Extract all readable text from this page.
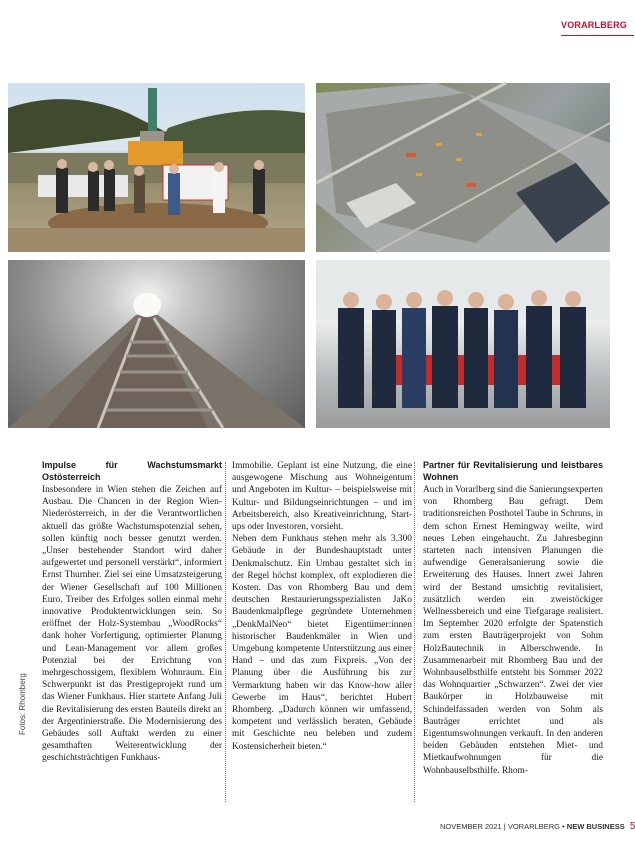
VORARLBERG
Fotos: Rhomberg

Impulse für Wachstumsmarkt Ostösterreich

Insbesondere in Wien stehen die Zeichen auf Ausbau. Die Chancen in der Region Wien-Niederösterreich, in der die Verantwortlichen aktuell das größte Wachstumspotenzial sehen, sollen künftig noch besser genutzt werden. „Unser bestehender Standort wird daher aufgewertet und personell verstärkt“, informiert Ernst Thurnher. Ziel sei eine Umsatzsteigerung der Wiener Gesellschaft auf 100 Millionen Euro. Treiber des Erfolges sollen einmal mehr innovative Produktentwicklungen sein. So eröffnet der Holz-Systembau „WoodRocks“ dank hoher Vorfertigung, optimierter Planung und Lean-Management vor allem großes Potenzial bei der Errichtung von mehrgeschossigem, flexiblem Wohnraum. Ein Schwerpunkt ist das Prestigeprojekt rund um das Wiener Funkhaus. Hier startete Anfang Juli die Revitalisierung des ersten Bauteils direkt an der Argentinierstraße. Die Modernisierung des Gebäudes soll Auftakt werden zu einer gesamthaften Weiterentwicklung der geschichtsträchtigen Funkhaus-

Immobilie. Geplant ist eine Nutzung, die eine ausgewogene Mischung aus Wohneigentum und Angeboten im Kultur- – beispielsweise mit Kultur- und Bildungseinrichtungen – und im Arbeitsbereich, also Kreativeinrichtung, Start-ups oder Investoren, vorsieht.

Neben dem Funkhaus stehen mehr als 3.300 Gebäude in der Bundeshauptstadt unter Denkmalschutz. Ein Umbau gestaltet sich in der Regel höchst komplex, oft explodieren die Kosten. Das von Rhomberg Bau und dem deutschen Restaurierungsspezialisten JaKo Baudenkmalpflege gegründete Unternehmen „DenkMalNeo“ bietet Eigentümer:innen historischer Baudenkmäler in Wien und Umgebung kompetente Unterstützung aus einer Hand – und das zum Fixpreis. „Von der Planung über die Ausführung bis zur Vermarktung haben wir das Know-how aller Gewerbe im Haus“, berichtet Hubert Rhomberg. „Dadurch können wir umfassend, kompetent und verlässlich beraten, Gebäude mit Geschichte neu beleben und zudem Kostensicherheit bieten.“

Partner für Revitalisierung und leistbares Wohnen

Auch in Vorarlberg sind die Sanierungsexperten von Rhomberg Bau gefragt. Dem traditionsreichen Posthotel Taube in Schruns, in dem schon Ernest Hemingway weilte, wird neues Leben eingehaucht. Zu Jahresbeginn starteten nach intensiven Planungen die aufwendige Generalsanierung sowie die Erweiterung des Hauses. Innert zwei Jahren wird der Bestand umsichtig revitalisiert, zusätzlich werden ein zweistöckiger Wellnessbereich und eine Tiefgarage realisiert. Im September 2020 erfolgte der Spatenstich zum ersten Bauträgerprojekt von Sohm HolzBautechnik in Alberschwende. In Zusammenarbeit mit Rhomberg Bau und der Wohnbauselbsthilfe entsteht bis Sommer 2022 das Wohnquartier „Schwarzen“. Zwei der vier Baukörper in Holzbauweise mit Schindelfassaden werden von Sohm als Bauträger errichtet und als Eigentumswohnungen verkauft. In den anderen beiden Gebäuden entstehen Miet- und Mietkaufwohnungen für die Wohnbauselbsthilfe. Rhom-

NOVEMBER 2021 | VORARLBERG • NEW BUSINESS 5
